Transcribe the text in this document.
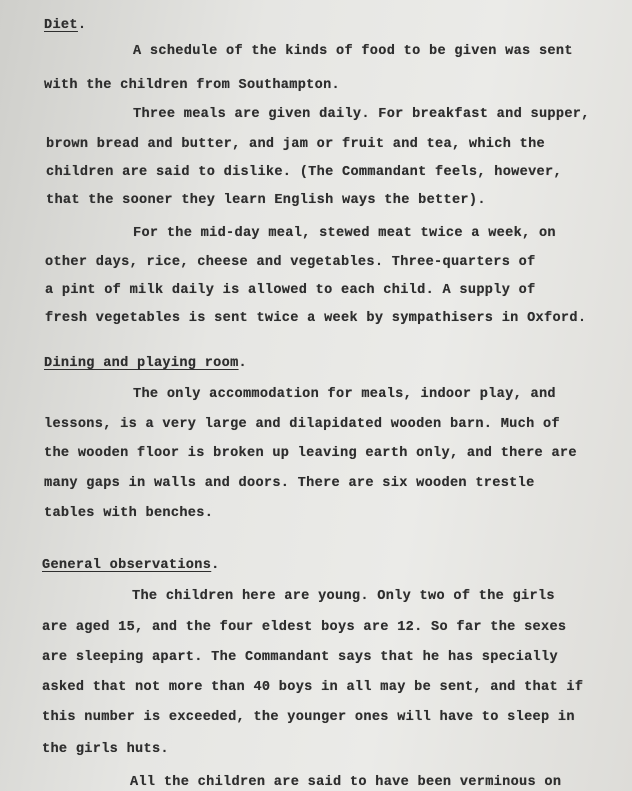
Diet.
A schedule of the kinds of food to be given was sent
with the children from Southampton.
Three meals are given daily. For breakfast and supper,
brown bread and butter, and jam or fruit and tea, which the
children are said to dislike. (The Commandant feels, however,
that the sooner they learn English ways the better).
For the mid-day meal, stewed meat twice a week, on
other days, rice, cheese and vegetables. Three-quarters of
a pint of milk daily is allowed to each child. A supply of
fresh vegetables is sent twice a week by sympathisers in Oxford.
Dining and playing room.
The only accommodation for meals, indoor play, and
lessons, is a very large and dilapidated wooden barn. Much of
the wooden floor is broken up leaving earth only, and there are
many gaps in walls and doors. There are six wooden trestle
tables with benches.
General observations.
The children here are young. Only two of the girls
are aged 15, and the four eldest boys are 12. So far the sexes
are sleeping apart. The Commandant says that he has specially
asked that not more than 40 boys in all may be sent, and that if
this number is exceeded, the younger ones will have to sleep in
the girls huts.
All the children are said to have been verminous on
